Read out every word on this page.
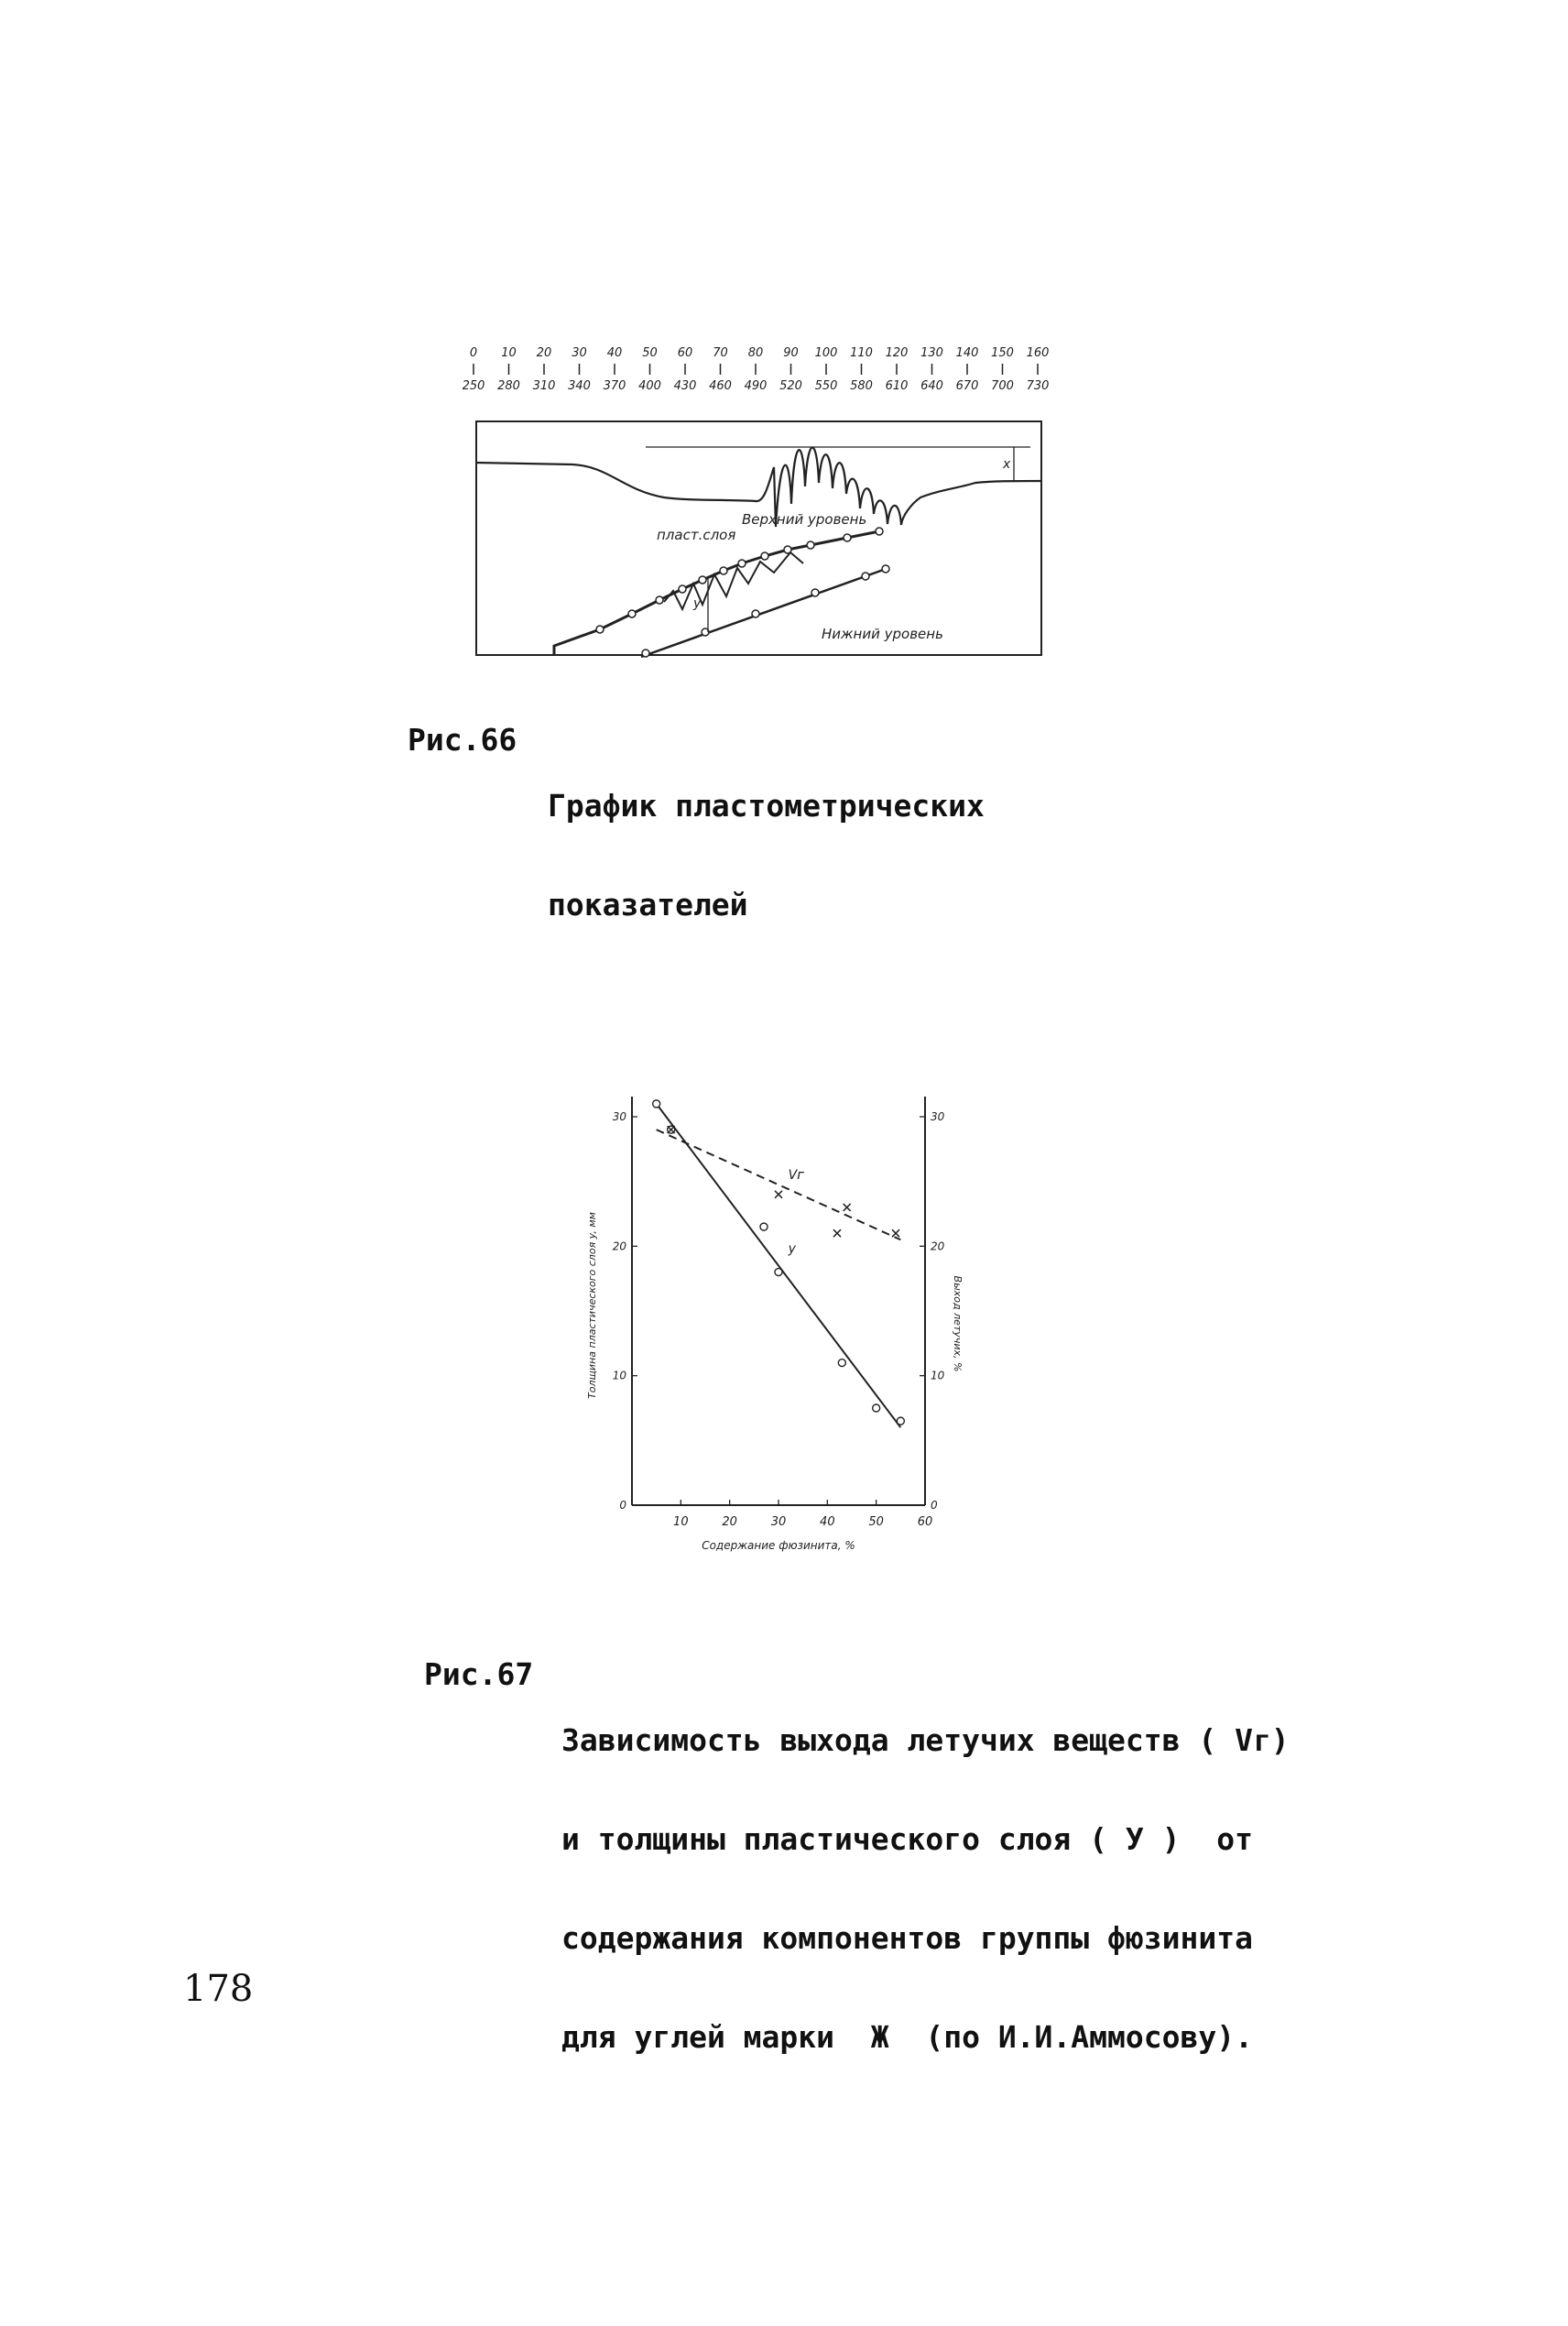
0 10 20 30 40 50 60 70 80 90 100 110 120 130 140 150 160
250 280 310 340 370 400 430 460 490 520 550 580 610 640 670 700 730
x
y
Верхний уровень
пласт.слоя
Нижний уровень

Рис.66

График пластометрических

показателей

10	20	30	40	50	60
0
10
20
30
0
10
20
30
Содержание фюзинита, %
Толщина пластического слоя y, мм	Выход летучих, %
y
Vᴦ

Рис.67

Зависимость выхода летучих веществ ( Vᴦ)

и толщины пластического слоя ( У )  от

содержания компонентов группы фюзинита

для углей марки  Ж  (по И.И.Аммосову).

178
